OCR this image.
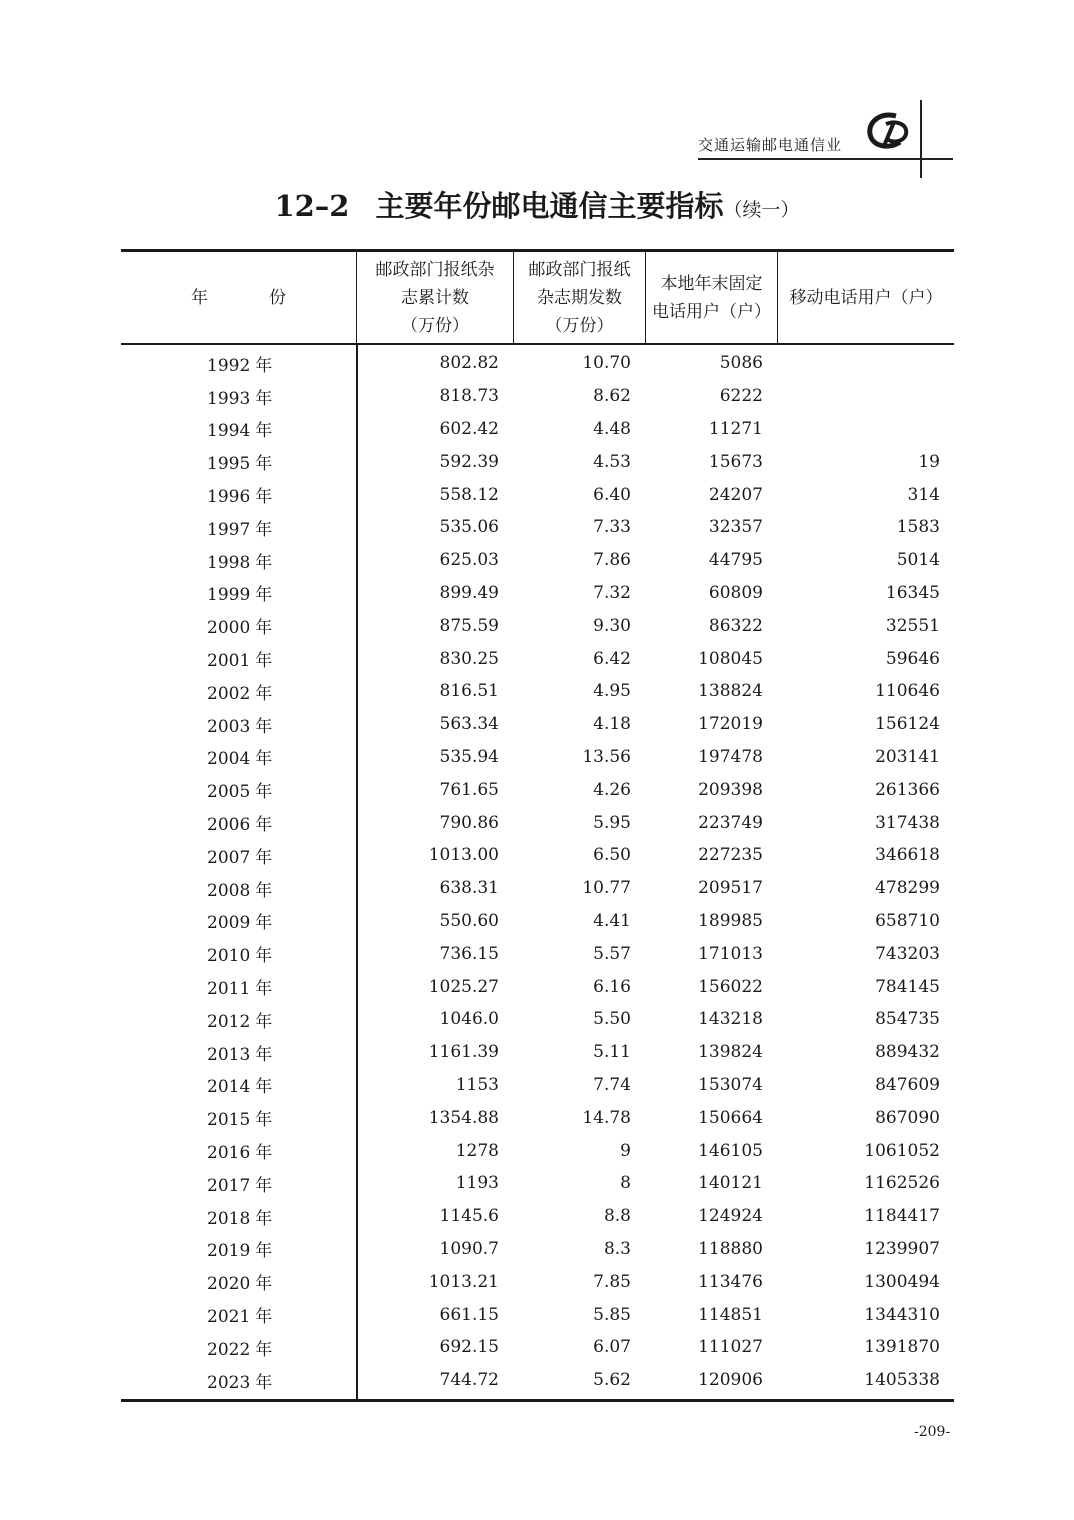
交通运输邮电通信业
12–2 主要年份邮电通信主要指标（续一）
年　份
邮政部门报纸杂
志累计数
（万份）
邮政部门报纸
杂志期发数
（万份）
本地年末固定
电话用户（户）
移动电话用户（户）
1992 年	802.82	10.70	5086
1993 年	818.73	8.62	6222
1994 年	602.42	4.48	11271
1995 年	592.39	4.53	15673	19
1996 年	558.12	6.40	24207	314
1997 年	535.06	7.33	32357	1583
1998 年	625.03	7.86	44795	5014
1999 年	899.49	7.32	60809	16345
2000 年	875.59	9.30	86322	32551
2001 年	830.25	6.42	108045	59646
2002 年	816.51	4.95	138824	110646
2003 年	563.34	4.18	172019	156124
2004 年	535.94	13.56	197478	203141
2005 年	761.65	4.26	209398	261366
2006 年	790.86	5.95	223749	317438
2007 年	1013.00	6.50	227235	346618
2008 年	638.31	10.77	209517	478299
2009 年	550.60	4.41	189985	658710
2010 年	736.15	5.57	171013	743203
2011 年	1025.27	6.16	156022	784145
2012 年	1046.0	5.50	143218	854735
2013 年	1161.39	5.11	139824	889432
2014 年	1153	7.74	153074	847609
2015 年	1354.88	14.78	150664	867090
2016 年	1278	9	146105	1061052
2017 年	1193	8	140121	1162526
2018 年	1145.6	8.8	124924	1184417
2019 年	1090.7	8.3	118880	1239907
2020 年	1013.21	7.85	113476	1300494
2021 年	661.15	5.85	114851	1344310
2022 年	692.15	6.07	111027	1391870
2023 年	744.72	5.62	120906	1405338
-209-
